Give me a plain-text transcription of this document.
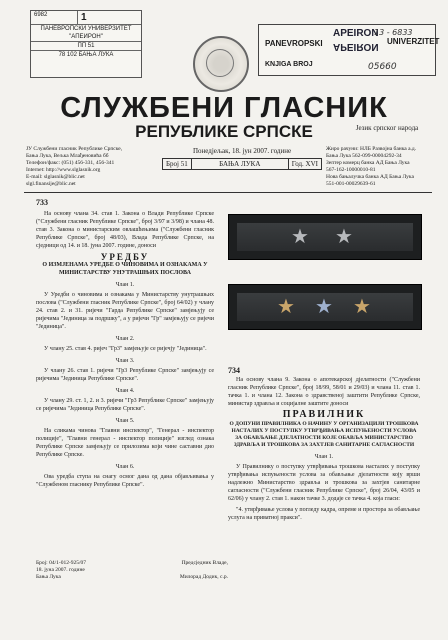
6982	1
ПАНЕВРОПСКИ УНИВЕРЗИТЕТ
"АПЕИРОН"
ПП 51
78 102 БАЊА ЛУКА
PANEVROPSKI
APEIRON
APEIRON UNIVERZITET
KNJIGA BROJ
13 - 6833
05660
СЛУЖБЕНИ ГЛАСНИК
РЕПУБЛИКЕ СРПСКЕ	Језик српског народа
ЈУ Службени гласник Републике Српске,
Бања Лука, Вељка Млађеновића бб
Телефон/факс: (051) 456-331, 456-341
Internet: http://www.slglasnik.org
E-mail: slglasnik@blic.net
slgl.finansije@blic.net
Понедјељак, 18. јун 2007. године
Број 51	БАЊА ЛУКА	Год. XVI
Жиро рачуни: НЛБ Развојна банка а.д.
Бања Лука 562-099-00004292-34
Зептер комерц банка АД Бања Лука
567-162-10000010-81
Нова бањалучка банка АД Бања Лука
551-001-00029639-61
733
На основу члана 34. став 1. Закона о Влади Републике Српске ("Службени гласник Републике Српске", број 3/97 и 3/98) и члана 48. став 3. Закона о министарским овлашћењима ("Службени гласник Републике Српске", број 48/03), Влада Републике Српске, на сједници од 14. и 18. јуна 2007. године, доноси
УРЕДБУ
О ИЗМЈЕНАМА УРЕДБЕ О ЧИНОВИМА И ОЗНАКАМА У МИНИСТАРСТВУ УНУТРАШЊИХ ПОСЛОВА
Члан 1.
У Уредби о чиновима и ознакама у Министарству унутрашњих послова ("Службени гласник Републике Српске", број 64/02) у члану 24. став 2. и 31. ријечи "Гарда Републике Српске" замјењују се ријечима "Јединица за подршку", а у ријечи "Гр" замјењују се ријечи "Јединица".
Члан 2.
У члану 25. став 4. ријеч "Гр3" замјењује се ријечју "Јединица".
Члан 3.
У члану 26. став 1. ријечи "Гр3 Републике Српске" замјењују се ријечима "Јединица Републике Српске".
Члан 4.
У члану 29. ст. 1, 2. и 3. ријечи "Гр3 Републике Српске" замјењују се ријечима "Јединица Републике Српске".
Члан 5.
На сликама чинова "Главни инспектор", "Генерал - инспектор полиције", "Главни генерал - инспектор полиције" изглед ознака Републике Српске замјењују се прилозима који чине саставни дио Републике Српске.
Члан 6.
Ова уредба ступа на снагу осмог дана од дана објављивања у "Службеном гласнику Републике Српске".
Број: 04/1-012-925/07	Предсједник Владе,
18. јуна 2007. године
Бања Лука	Милорад Додик, с.р.
★ ★
★ ★ ★
734
На основу члана 9. Закона о апотекарској дјелатности ("Службени гласник Републике Српске", број 18/99, 58/01 и 29/03) и члана 11. став 1. тачка 1. и члана 12. Закона о здравственој заштити Републике Српске, министар здравља и социјалне заштите доноси
ПРАВИЛНИК
О ДОПУНИ ПРАВИЛНИКА О НАЧИНУ У ОРГАНИЗАЦИЈИ ТРОШКОВА НАСТАЛИХ У ПОСТУПКУ УТВРЂИВАЊА ИСПУЊЕНОСТИ УСЛОВА ЗА ОБАВЉАЊЕ ДЈЕЛАТНОСТИ КОЈЕ ОБАВЉА МИНИСТАРСТВО ЗДРАВЉА И ТРОШКОВА ЗА ЗАХТЈЕВ САНИТАРНЕ САГЛАСНОСТИ
Члан 1.
У Правилнику о поступку утврђивања трошкова насталих у поступку утврђивања испуњености услова за обављање дјелатности коју врши надлежно Министарство здравља и трошкова за захтјев санитарне сагласности ("Службени гласник Републике Српске", број 26/04, 43/05 и 62/06) у члану 2. став 1. након тачке 3. додаје се тачка 4. која гласи:
"4. утврђивање услова у погледу кадра, опреме и простора за обављање услуга на приватној пракси".
